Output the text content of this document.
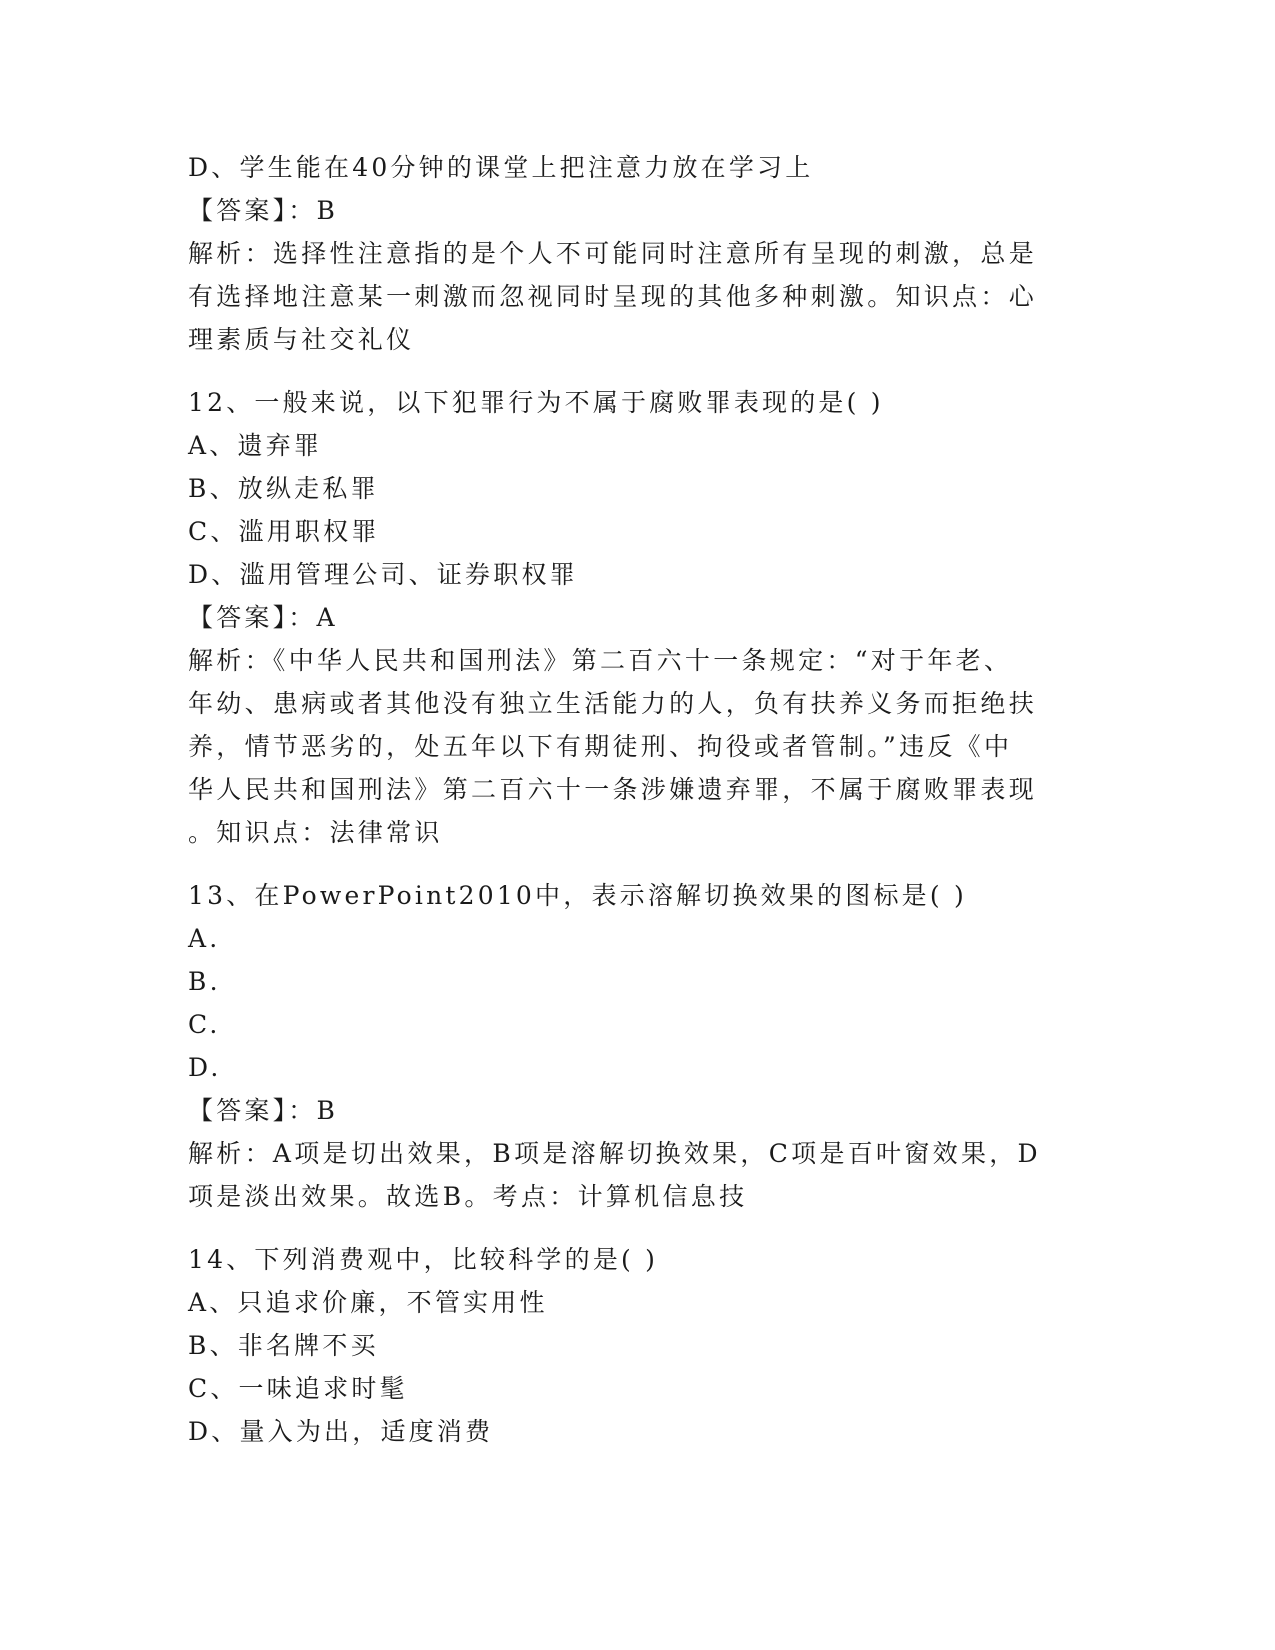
D、学生能在40分钟的课堂上把注意力放在学习上
【答案】：B
解析：选择性注意指的是个人不可能同时注意所有呈现的刺激，总是
有选择地注意某一刺激而忽视同时呈现的其他多种刺激。知识点：心
理素质与社交礼仪
12、一般来说，以下犯罪行为不属于腐败罪表现的是( )
A、遗弃罪
B、放纵走私罪
C、滥用职权罪
D、滥用管理公司、证券职权罪
【答案】：A
解析：《中华人民共和国刑法》第二百六十一条规定：“对于年老、
年幼、患病或者其他没有独立生活能力的人，负有扶养义务而拒绝扶
养，情节恶劣的，处五年以下有期徒刑、拘役或者管制。”违反《中
华人民共和国刑法》第二百六十一条涉嫌遗弃罪，不属于腐败罪表现
。知识点：法律常识
13、在PowerPoint2010中，表示溶解切换效果的图标是( )
A.
B.
C.
D.
【答案】：B
解析：A项是切出效果，B项是溶解切换效果，C项是百叶窗效果，D
项是淡出效果。故选B。考点：计算机信息技
14、下列消费观中，比较科学的是( )
A、只追求价廉，不管实用性
B、非名牌不买
C、一味追求时髦
D、量入为出，适度消费
